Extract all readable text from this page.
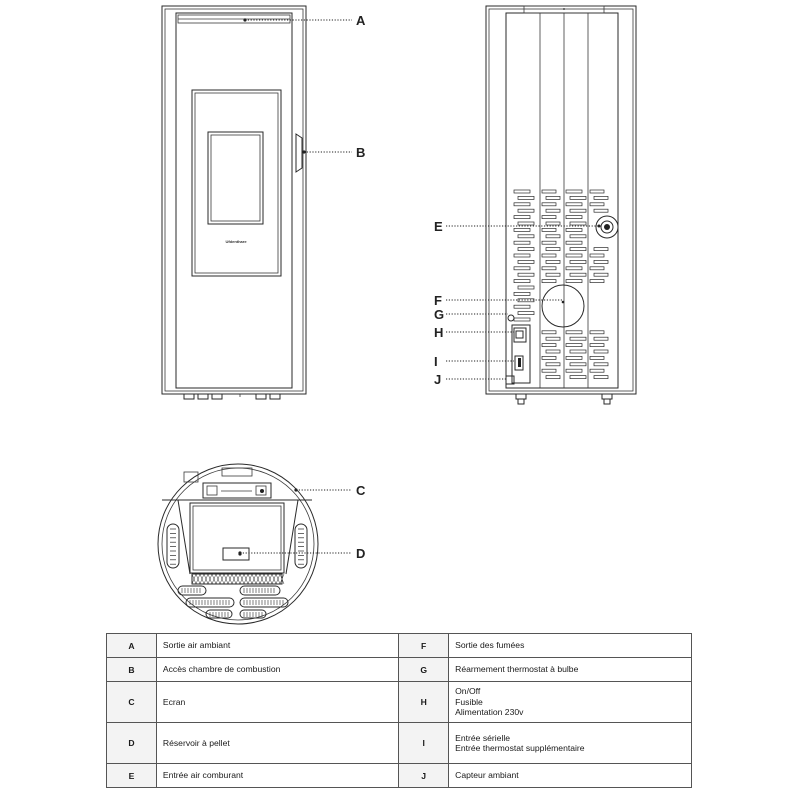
Ufdenthare
A
B
E
F
G
H
I
J
C
D
A	Sortie air ambiant	F	Sortie des fumées

B	Accès chambre de combustion	G	Réarmement thermostat à bulbe

C	Ecran	H	On/Off
Fusible
Alimentation 230v

D	Réservoir à pellet	I	Entrée sérielle
Entrée thermostat supplémentaire

E	Entrée air comburant	J	Capteur ambiant
